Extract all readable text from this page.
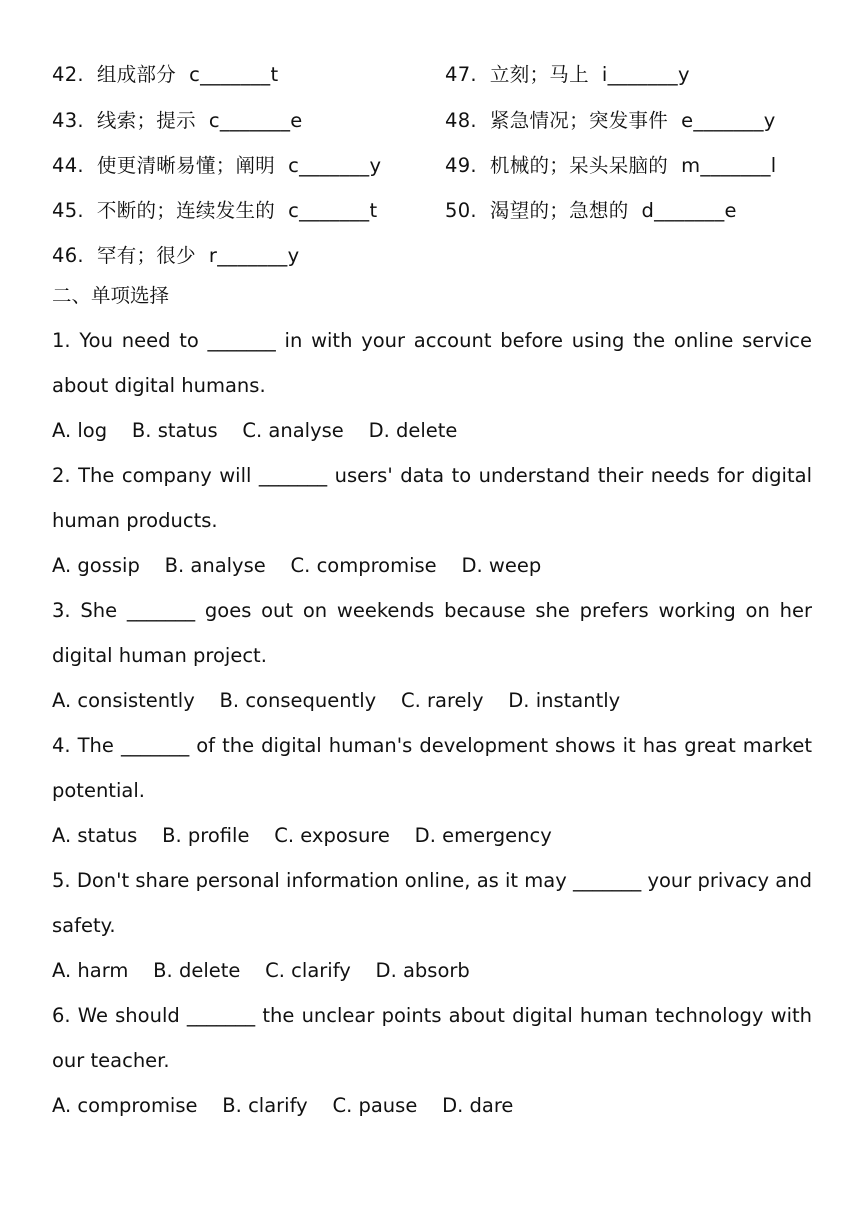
42.  组成部分  c_______t	47.  立刻；马上  i_______y
43.  线索；提示  c_______e	48.  紧急情况；突发事件  e_______y
44.  使更清晰易懂；阐明  c_______y	49.  机械的；呆头呆脑的  m_______l
45.  不断的；连续发生的  c_______t	50.  渴望的；急想的  d_______e
46.  罕有；很少  r_______y
二、单项选择
1. You need to _______ in with your account before using the online service
about digital humans.
A. log    B. status    C. analyse    D. delete
2. The company will _______ users' data to understand their needs for digital
human products.
A. gossip    B. analyse    C. compromise    D. weep
3. She _______ goes out on weekends because she prefers working on her
digital human project.
A. consistently    B. consequently    C. rarely    D. instantly
4. The _______ of the digital human's development shows it has great market
potential.
A. status    B. profile    C. exposure    D. emergency
5. Don't share personal information online, as it may _______ your privacy and
safety.
A. harm    B. delete    C. clarify    D. absorb
6. We should _______ the unclear points about digital human technology with
our teacher.
A. compromise    B. clarify    C. pause    D. dare
